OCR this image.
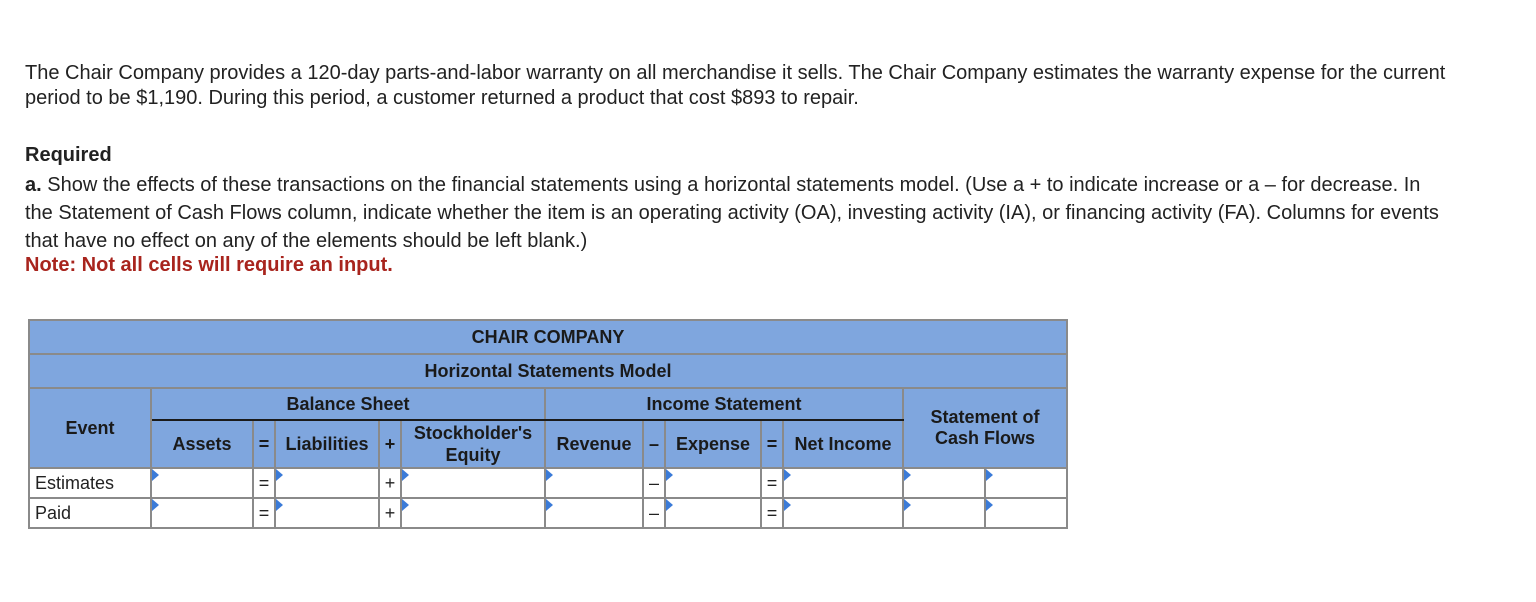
The Chair Company provides a 120-day parts-and-labor warranty on all merchandise it sells. The Chair Company estimates the warranty expense for the current period to be $1,190. During this period, a customer returned a product that cost $893 to repair.
Required
a. Show the effects of these transactions on the financial statements using a horizontal statements model. (Use a + to indicate increase or a – for decrease. In the Statement of Cash Flows column, indicate whether the item is an operating activity (OA), investing activity (IA), or financing activity (FA). Columns for events that have no effect on any of the elements should be left blank.)
Note: Not all cells will require an input.
CHAIR COMPANY												
Horizontal Statements Model												
Event	Balance Sheet					Income Statement					Statement of Cash Flows	
	Assets	=	Liabilities	+	Stockholder's Equity	Revenue	–	Expense	=	Net Income		
Estimates		=		+			–		=			
Paid		=		+			–		=			
